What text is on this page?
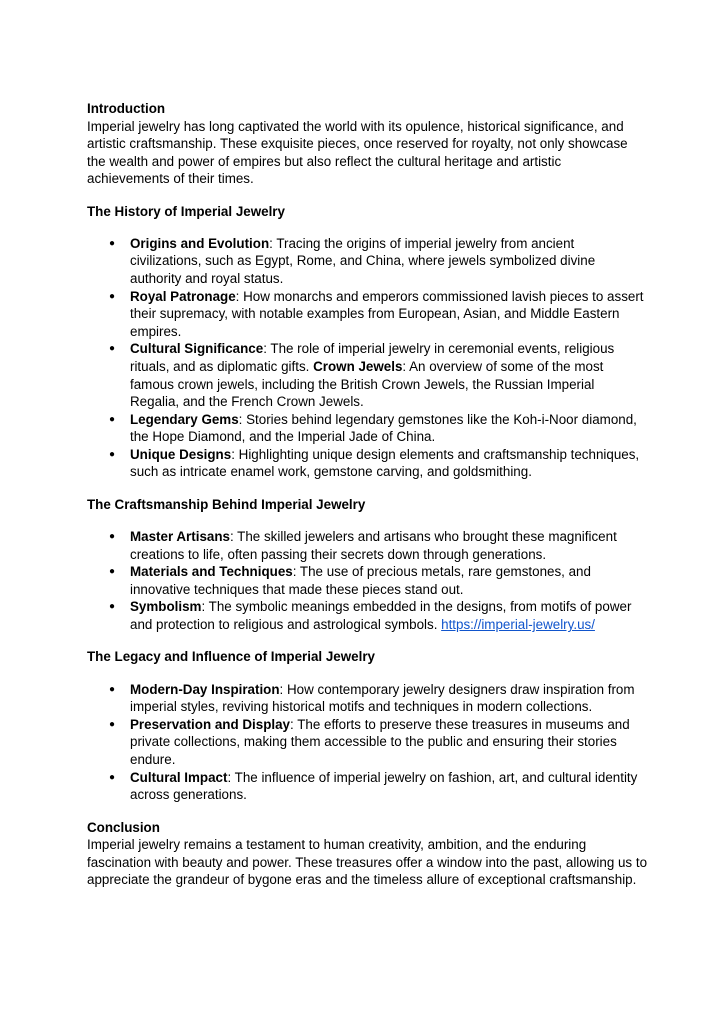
Introduction

Imperial jewelry has long captivated the world with its opulence, historical significance, and artistic craftsmanship. These exquisite pieces, once reserved for royalty, not only showcase the wealth and power of empires but also reflect the cultural heritage and artistic achievements of their times.

The History of Imperial Jewelry

● Origins and Evolution: Tracing the origins of imperial jewelry from ancient civilizations, such as Egypt, Rome, and China, where jewels symbolized divine authority and royal status.
● Royal Patronage: How monarchs and emperors commissioned lavish pieces to assert their supremacy, with notable examples from European, Asian, and Middle Eastern empires.
● Cultural Significance: The role of imperial jewelry in ceremonial events, religious rituals, and as diplomatic gifts. Crown Jewels: An overview of some of the most famous crown jewels, including the British Crown Jewels, the Russian Imperial Regalia, and the French Crown Jewels.
● Legendary Gems: Stories behind legendary gemstones like the Koh-i-Noor diamond, the Hope Diamond, and the Imperial Jade of China.
● Unique Designs: Highlighting unique design elements and craftsmanship techniques, such as intricate enamel work, gemstone carving, and goldsmithing.

The Craftsmanship Behind Imperial Jewelry

● Master Artisans: The skilled jewelers and artisans who brought these magnificent creations to life, often passing their secrets down through generations.
● Materials and Techniques: The use of precious metals, rare gemstones, and innovative techniques that made these pieces stand out.
● Symbolism: The symbolic meanings embedded in the designs, from motifs of power and protection to religious and astrological symbols. https://imperial-jewelry.us/

The Legacy and Influence of Imperial Jewelry

● Modern-Day Inspiration: How contemporary jewelry designers draw inspiration from imperial styles, reviving historical motifs and techniques in modern collections.
● Preservation and Display: The efforts to preserve these treasures in museums and private collections, making them accessible to the public and ensuring their stories endure.
● Cultural Impact: The influence of imperial jewelry on fashion, art, and cultural identity across generations.

Conclusion

Imperial jewelry remains a testament to human creativity, ambition, and the enduring fascination with beauty and power. These treasures offer a window into the past, allowing us to appreciate the grandeur of bygone eras and the timeless allure of exceptional craftsmanship.
